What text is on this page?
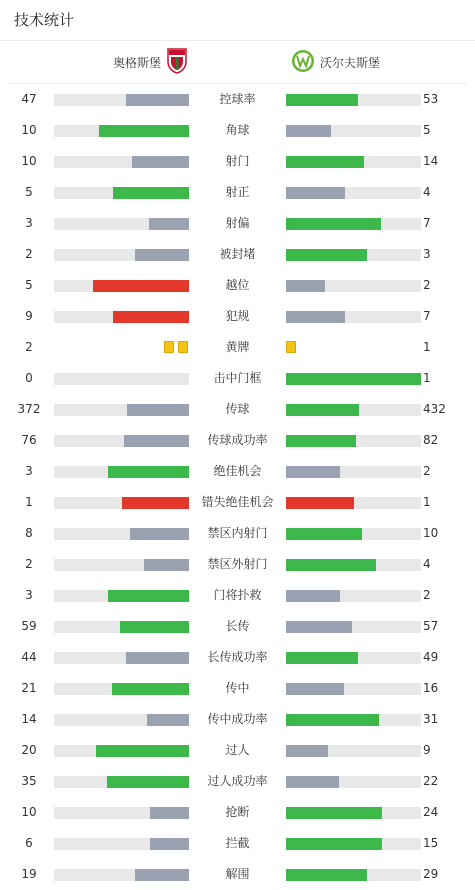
技术统计
奥格斯堡	沃尔夫斯堡
47	控球率	53
10	角球	5
10	射门	14
5	射正	4
3	射偏	7
2	被封堵	3
5	越位	2
9	犯规	7
2	黄牌	1
0	击中门框	1
372	传球	432
76	传球成功率	82
3	绝佳机会	2
1	错失绝佳机会	1
8	禁区内射门	10
2	禁区外射门	4
3	门将扑救	2
59	长传	57
44	长传成功率	49
21	传中	16
14	传中成功率	31
20	过人	9
35	过人成功率	22
10	抢断	24
6	拦截	15
19	解围	29
